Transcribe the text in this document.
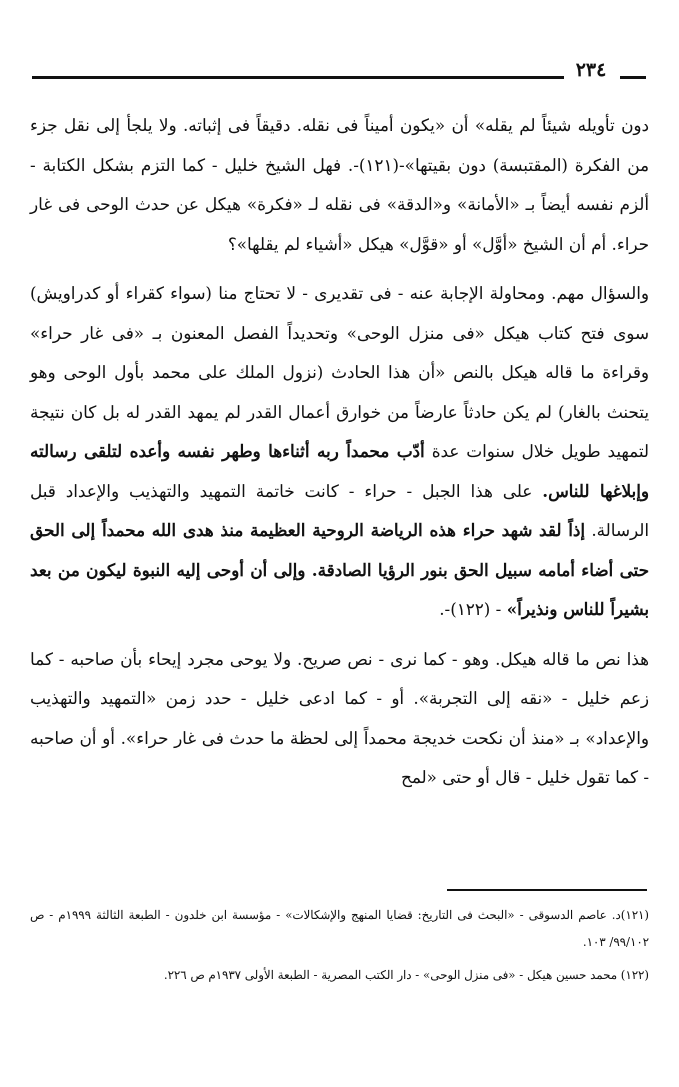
٢٣٤

دون تأويله شيئاً لم يقله» أن «يكون أميناً فى نقله. دقيقاً فى إثباته. ولا يلجأ إلى نقل جزء من الفكرة (المقتبسة) دون بقيتها»-(١٢١)-. فهل الشيخ خليل - كما التزم بشكل الكتابة - ألزم نفسه أيضاً بـ «الأمانة» و«الدقة» فى نقله لـ «فكرة» هيكل عن حدث الوحى فى غار حراء. أم أن الشيخ «أوَّل» أو «قوَّل» هيكل «أشياء لم يقلها»؟

والسؤال مهم. ومحاولة الإجابة عنه - فى تقديرى - لا تحتاج منا (سواء كقراء أو كدراويش) سوى فتح كتاب هيكل «فى منزل الوحى» وتحديداً الفصل المعنون بـ «فى غار حراء» وقراءة ما قاله هيكل بالنص «أن هذا الحادث (نزول الملك على محمد بأول الوحى وهو يتحنث بالغار) لم يكن حادثاً عارضاً من خوارق أعمال القدر لم يمهد القدر له بل كان نتيجة لتمهيد طويل خلال سنوات عدة أدّب محمداً ربه أثناءها وطهر نفسه وأعده لتلقى رسالته وإبلاغها للناس. على هذا الجبل - حراء - كانت خاتمة التمهيد والتهذيب والإعداد قبل الرسالة. إذاً لقد شهد حراء هذه الرياضة الروحية العظيمة منذ هدى الله محمداً إلى الحق حتى أضاء أمامه سبيل الحق بنور الرؤيا الصادقة. وإلى أن أوحى إليه النبوة ليكون من بعد بشيراً للناس ونذيراً» - (١٢٢)-.

هذا نص ما قاله هيكل. وهو - كما نرى - نص صريح. ولا يوحى مجرد إيحاء بأن صاحبه - كما زعم خليل - «نقه إلى التجربة». أو - كما ادعى خليل - حدد زمن «التمهيد والتهذيب والإعداد» بـ «منذ أن نكحت خديجة محمداً إلى لحظة ما حدث فى غار حراء». أو أن صاحبه - كما تقول خليل - قال أو حتى «لمح

(١٢١)د. عاصم الدسوقى - «البحث فى التاريخ: قضايا المنهج والإشكالات» - مؤسسة ابن خلدون - الطبعة الثالثة ١٩٩٩م - ص ٩٩/١٠٢/ ١٠٣.

(١٢٢) محمد حسين هيكل - «فى منزل الوحى» - دار الكتب المصرية - الطبعة الأولى ١٩٣٧م ص ٢٢٦.
